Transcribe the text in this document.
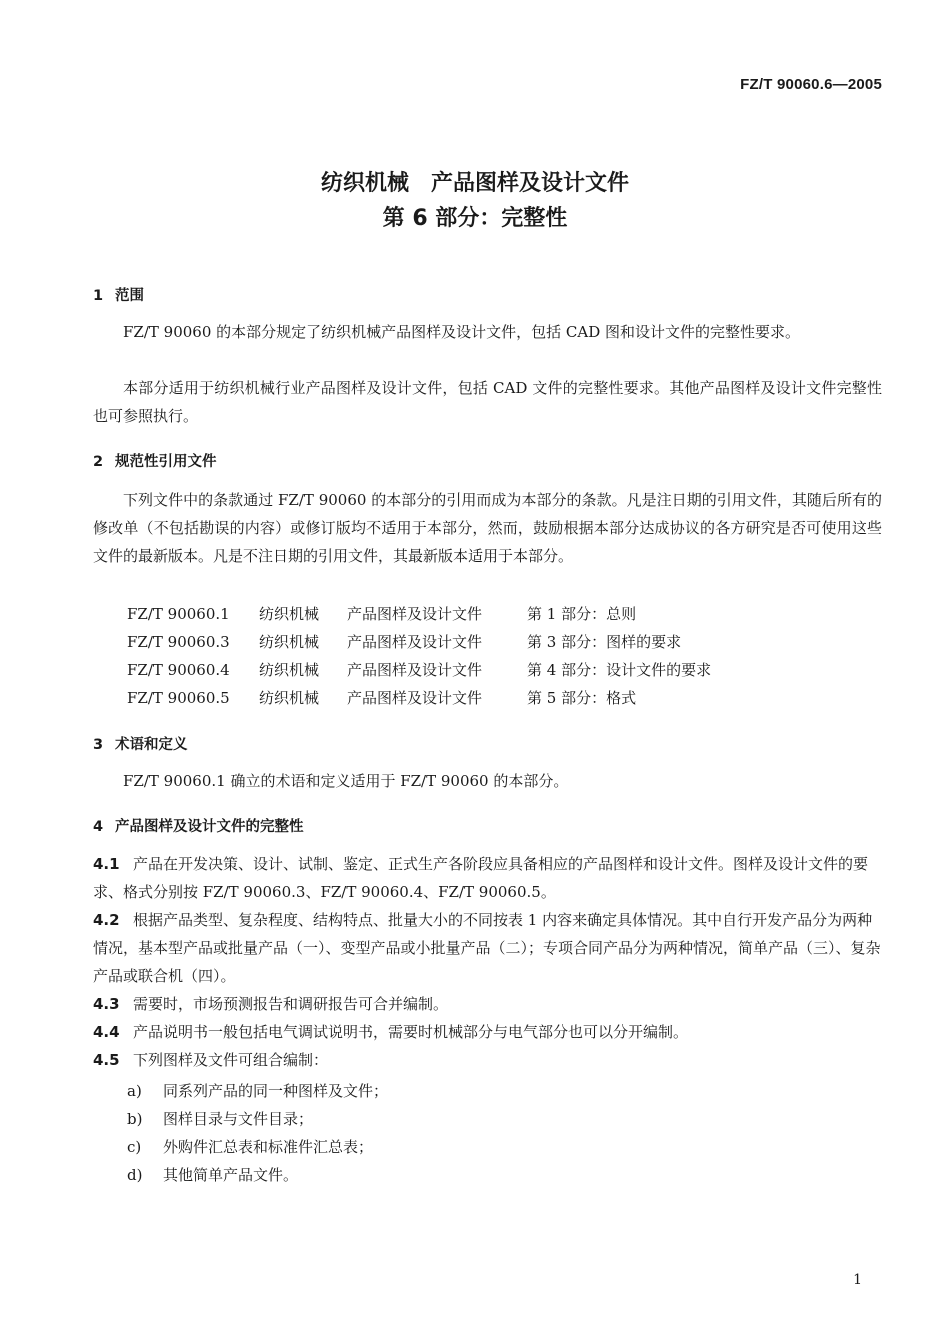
FZ/T 90060.6—2005
纺织机械　产品图样及设计文件
第 6 部分：完整性
1 范围
FZ/T 90060 的本部分规定了纺织机械产品图样及设计文件，包括 CAD 图和设计文件的完整性要求。
本部分适用于纺织机械行业产品图样及设计文件，包括 CAD 文件的完整性要求。其他产品图样及设计文件完整性也可参照执行。
2 规范性引用文件
下列文件中的条款通过 FZ/T 90060 的本部分的引用而成为本部分的条款。凡是注日期的引用文件，其随后所有的修改单（不包括勘误的内容）或修订版均不适用于本部分，然而，鼓励根据本部分达成协议的各方研究是否可使用这些文件的最新版本。凡是不注日期的引用文件，其最新版本适用于本部分。
FZ/T 90060.1 纺织机械 产品图样及设计文件	第 1 部分：总则
FZ/T 90060.3 纺织机械 产品图样及设计文件	第 3 部分：图样的要求
FZ/T 90060.4 纺织机械 产品图样及设计文件	第 4 部分：设计文件的要求
FZ/T 90060.5 纺织机械 产品图样及设计文件	第 5 部分：格式
3 术语和定义
FZ/T 90060.1 确立的术语和定义适用于 FZ/T 90060 的本部分。
4 产品图样及设计文件的完整性
4.1 产品在开发决策、设计、试制、鉴定、正式生产各阶段应具备相应的产品图样和设计文件。图样及设计文件的要求、格式分别按 FZ/T 90060.3、FZ/T 90060.4、FZ/T 90060.5。
4.2 根据产品类型、复杂程度、结构特点、批量大小的不同按表 1 内容来确定具体情况。其中自行开发产品分为两种情况，基本型产品或批量产品（一）、变型产品或小批量产品（二）；专项合同产品分为两种情况，简单产品（三）、复杂产品或联合机（四）。
4.3 需要时，市场预测报告和调研报告可合并编制。
4.4 产品说明书一般包括电气调试说明书，需要时机械部分与电气部分也可以分开编制。
4.5 下列图样及文件可组合编制：
a) 同系列产品的同一种图样及文件；
b) 图样目录与文件目录；
c) 外购件汇总表和标准件汇总表；
d) 其他简单产品文件。
1
